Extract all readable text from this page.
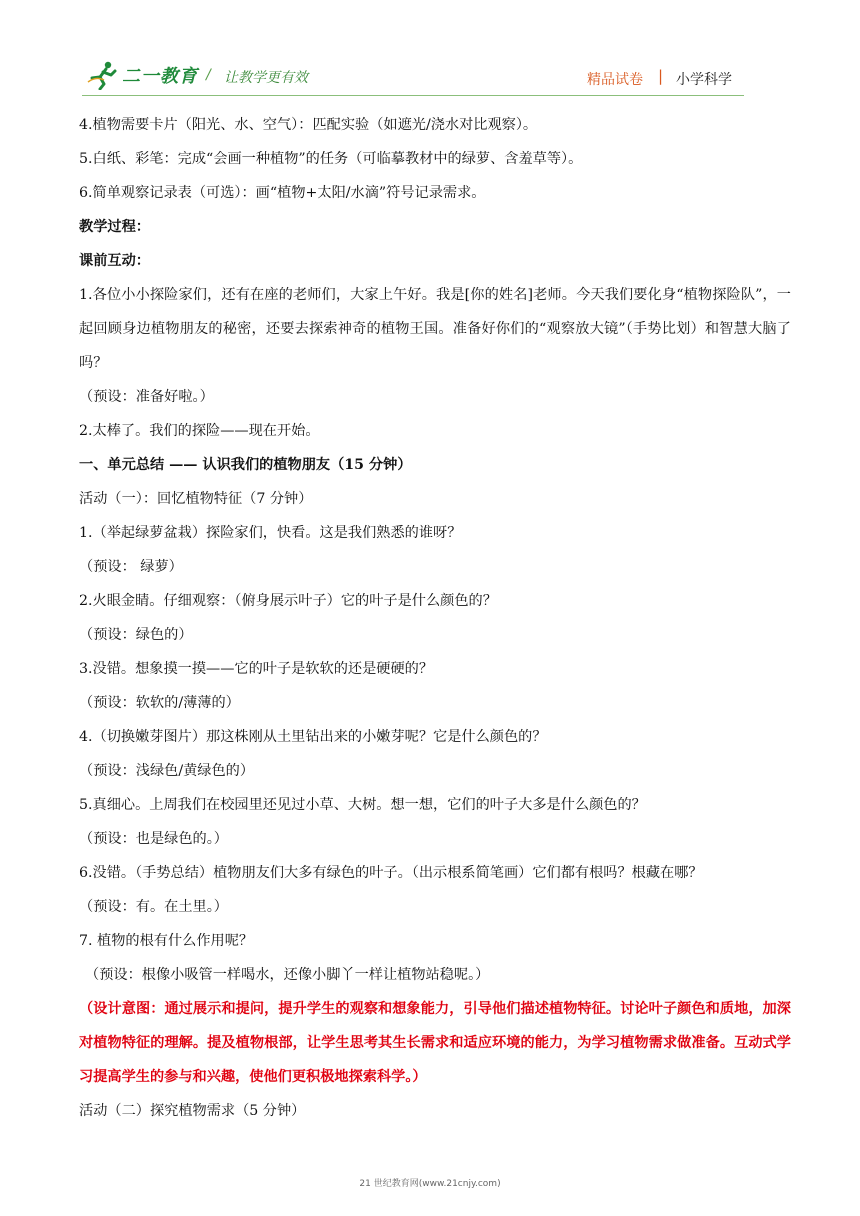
二一教育 / 让教学更有效	精品试卷 | 小学科学

4.植物需要卡片（阳光、水、空气）：匹配实验（如遮光/浇水对比观察）。

5.白纸、彩笔：完成“会画一种植物”的任务（可临摹教材中的绿萝、含羞草等）。

6.简单观察记录表（可选）：画“植物+太阳/水滴”符号记录需求。

教学过程：

课前互动：

1.各位小小探险家们，还有在座的老师们，大家上午好。我是[你的姓名]老师。今天我们要化身“植物探险队”，一起回顾身边植物朋友的秘密，还要去探索神奇的植物王国。准备好你们的“观察放大镜”（手势比划）和智慧大脑了吗？

（预设：准备好啦。）

2.太棒了。我们的探险——现在开始。

一、单元总结 —— 认识我们的植物朋友（15 分钟）

活动（一）：回忆植物特征（7 分钟）

1.（举起绿萝盆栽）探险家们，快看。这是我们熟悉的谁呀？

（预设： 绿萝）

2.火眼金睛。仔细观察：（俯身展示叶子）它的叶子是什么颜色的？

（预设：绿色的）

3.没错。想象摸一摸——它的叶子是软软的还是硬硬的？

（预设：软软的/薄薄的）

4.（切换嫩芽图片）那这株刚从土里钻出来的小嫩芽呢？它是什么颜色的？

（预设：浅绿色/黄绿色的）

5.真细心。上周我们在校园里还见过小草、大树。想一想，它们的叶子大多是什么颜色的？

（预设：也是绿色的。）

6.没错。（手势总结）植物朋友们大多有绿色的叶子。（出示根系简笔画）它们都有根吗？根藏在哪？

（预设：有。在土里。）

7. 植物的根有什么作用呢？

（预设：根像小吸管一样喝水，还像小脚丫一样让植物站稳呢。）

（设计意图：通过展示和提问，提升学生的观察和想象能力，引导他们描述植物特征。讨论叶子颜色和质地，加深对植物特征的理解。提及植物根部，让学生思考其生长需求和适应环境的能力，为学习植物需求做准备。互动式学习提高学生的参与和兴趣，使他们更积极地探索科学。）

活动（二）探究植物需求（5 分钟）

21 世纪教育网(www.21cnjy.com)
